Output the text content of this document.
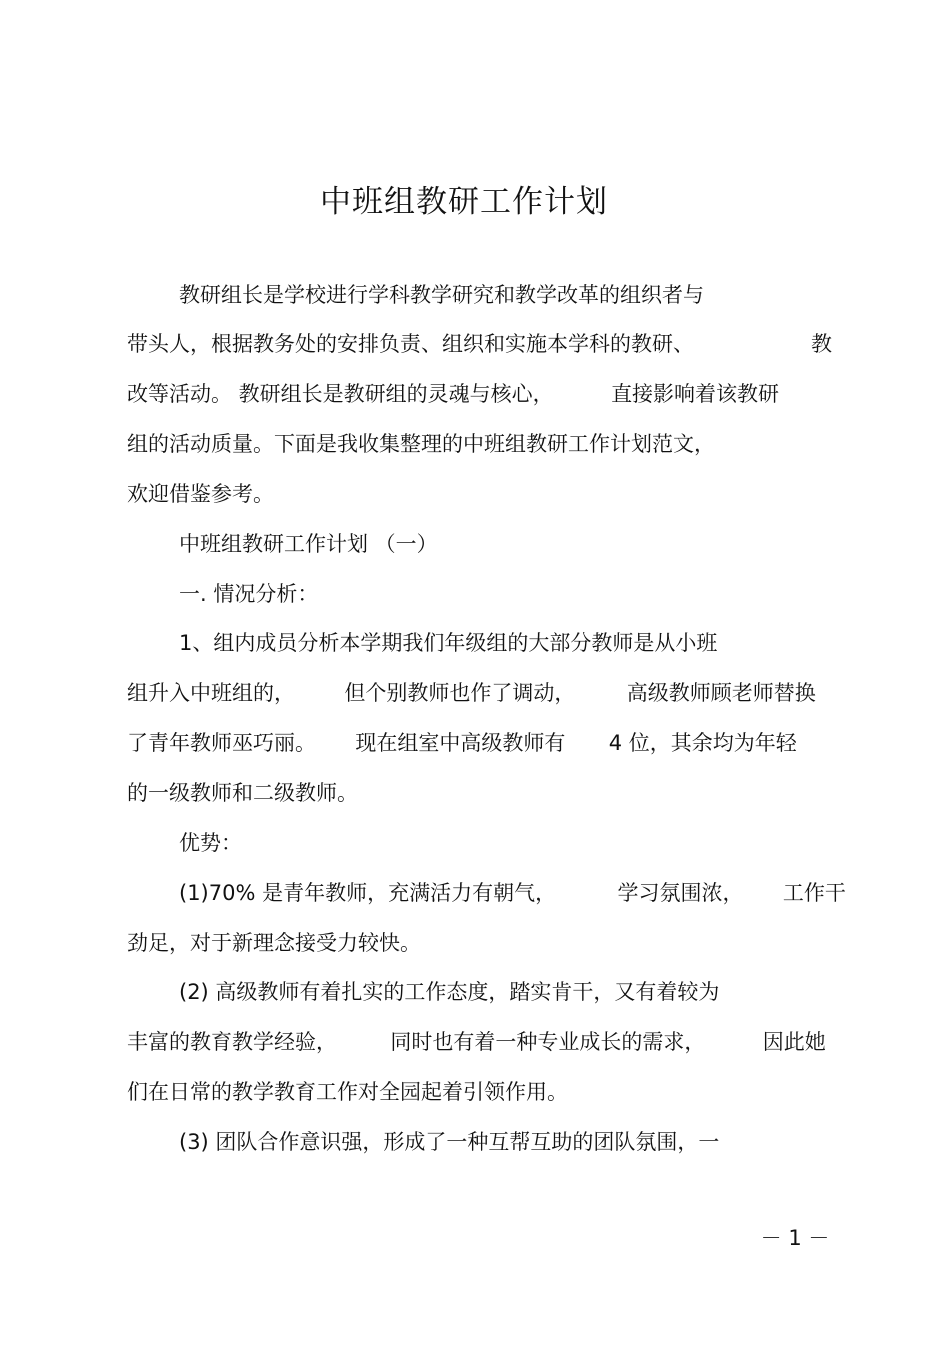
中班组教研工作计划
教研组长是学校进行学科教学研究和教学改革的组织者与
带头人，根据教务处的安排负责、组织和实施本学科的教研、	教
改等活动。 教研组长是教研组的灵魂与核心，	直接影响着该教研
组的活动质量。下面是我收集整理的中班组教研工作计划范文，
欢迎借鉴参考。
中班组教研工作计划 （一）
一. 情况分析：
1、组内成员分析本学期我们年级组的大部分教师是从小班
组升入中班组的， 但个别教师也作了调动， 高级教师顾老师替换
了青年教师巫巧丽。 现在组室中高级教师有 4 位，其余均为年轻
的一级教师和二级教师。
优势：
(1)70% 是青年教师，充满活力有朝气，	学习氛围浓， 工作干
劲足，对于新理念接受力较快。
(2) 高级教师有着扎实的工作态度，踏实肯干，又有着较为
丰富的教育教学经验，	同时也有着一种专业成长的需求，	因此她
们在日常的教学教育工作对全园起着引领作用。
(3) 团队合作意识强，形成了一种互帮互助的团队氛围，一
－ 1 －
